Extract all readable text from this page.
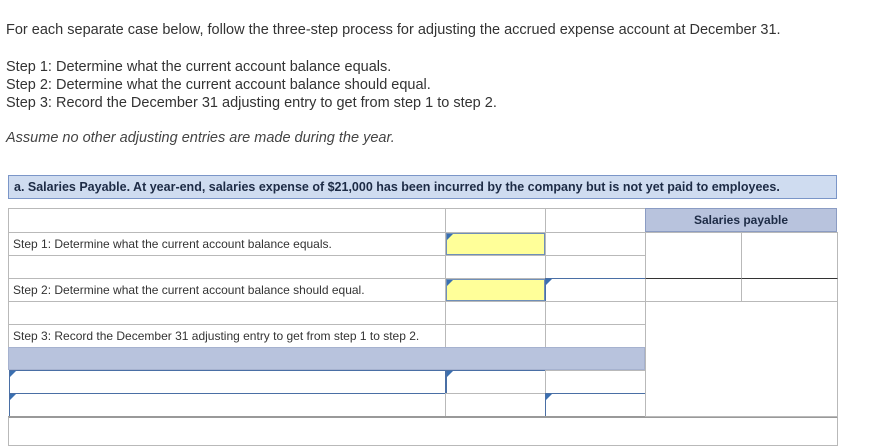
For each separate case below, follow the three-step process for adjusting the accrued expense account at December 31.
Step 1: Determine what the current account balance equals.
Step 2: Determine what the current account balance should equal.
Step 3: Record the December 31 adjusting entry to get from step 1 to step 2.
Assume no other adjusting entries are made during the year.
a. Salaries Payable. At year-end, salaries expense of $21,000 has been incurred by the company but is not yet paid to employees.
Salaries payable
Step 1: Determine what the current account balance equals.
Step 2: Determine what the current account balance should equal.
Step 3: Record the December 31 adjusting entry to get from step 1 to step 2.
